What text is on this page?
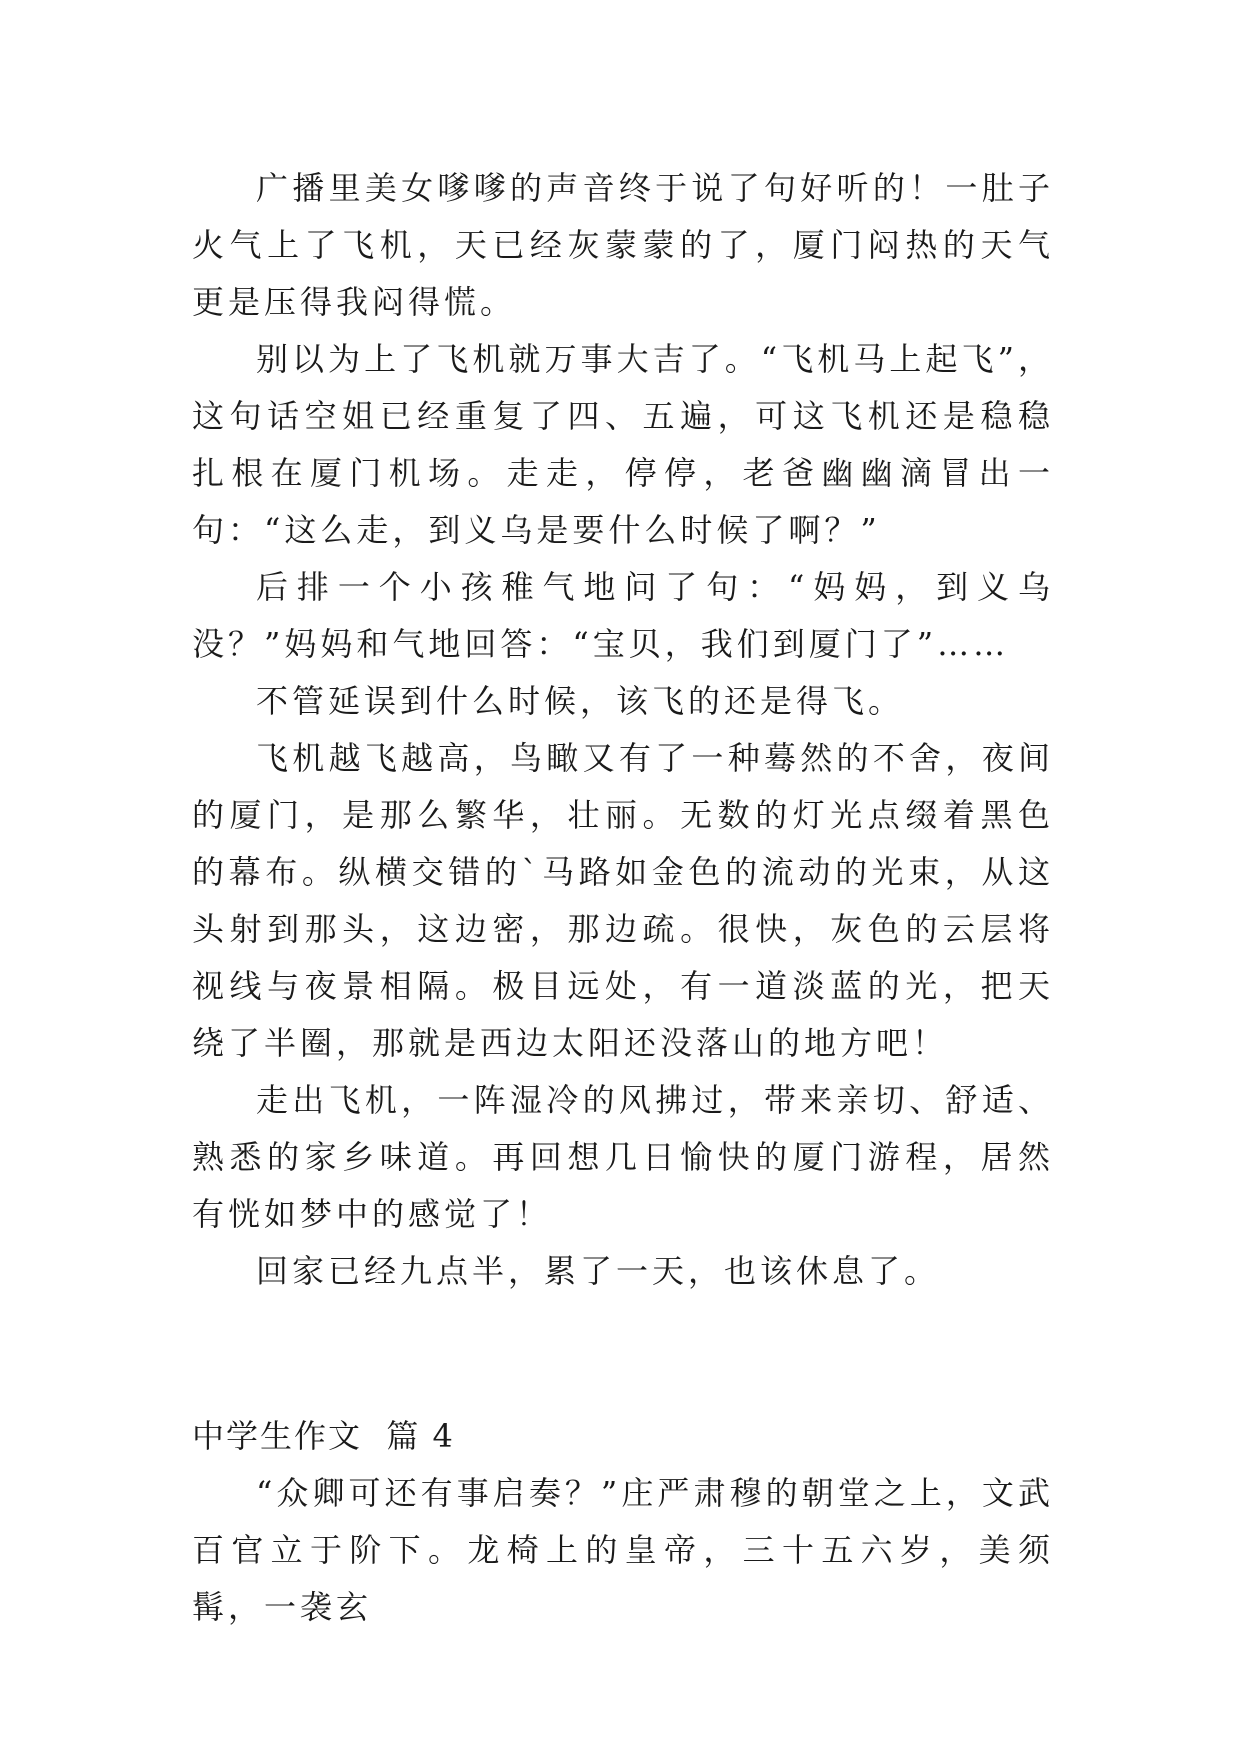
广播里美女嗲嗲的声音终于说了句好听的！一肚子火气上了飞机，天已经灰蒙蒙的了，厦门闷热的天气更是压得我闷得慌。

别以为上了飞机就万事大吉了。“飞机马上起飞”，这句话空姐已经重复了四、五遍，可这飞机还是稳稳扎根在厦门机场。走走，停停，老爸幽幽滴冒出一句：“这么走，到义乌是要什么时候了啊？”

后排一个小孩稚气地问了句：“妈妈，到义乌没？”妈妈和气地回答：“宝贝，我们到厦门了”……

不管延误到什么时候，该飞的还是得飞。

飞机越飞越高，鸟瞰又有了一种蓦然的不舍，夜间的厦门，是那么繁华，壮丽。无数的灯光点缀着黑色的幕布。纵横交错的`马路如金色的流动的光束，从这头射到那头，这边密，那边疏。很快，灰色的云层将视线与夜景相隔。极目远处，有一道淡蓝的光，把天绕了半圈，那就是西边太阳还没落山的地方吧！

走出飞机，一阵湿冷的风拂过，带来亲切、舒适、熟悉的家乡味道。再回想几日愉快的厦门游程，居然有恍如梦中的感觉了！

回家已经九点半，累了一天，也该休息了。

中学生作文  篇 4

“众卿可还有事启奏？”庄严肃穆的朝堂之上，文武百官立于阶下。龙椅上的皇帝，三十五六岁，美须髯，一袭玄
